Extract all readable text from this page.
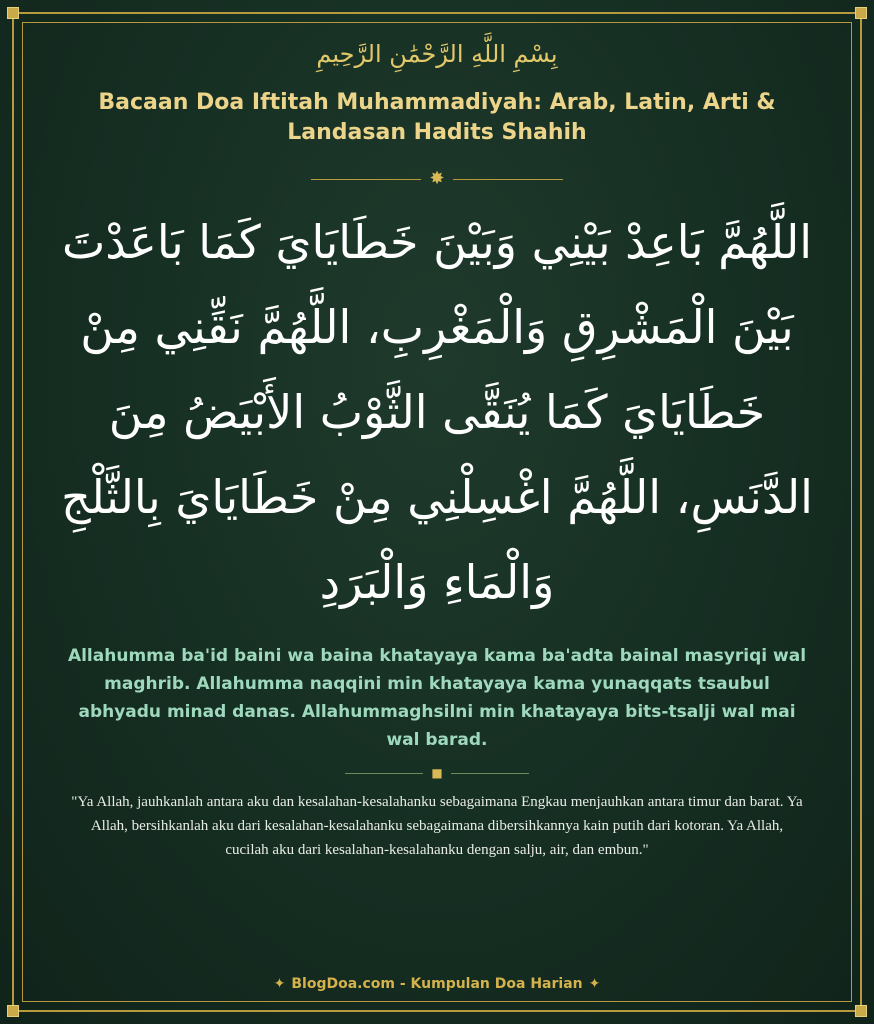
بِسْمِ اللَّهِ الرَّحْمَٰنِ الرَّحِيمِ
Bacaan Doa Iftitah Muhammadiyah: Arab, Latin, Arti & Landasan Hadits Shahih
✸
اللَّهُمَّ بَاعِدْ بَيْنِي وَبَيْنَ خَطَايَايَ كَمَا بَاعَدْتَ بَيْنَ الْمَشْرِقِ وَالْمَغْرِبِ، اللَّهُمَّ نَقِّنِي مِنْ خَطَايَايَ كَمَا يُنَقَّى الثَّوْبُ الأَبْيَضُ مِنَ الدَّنَسِ، اللَّهُمَّ اغْسِلْنِي مِنْ خَطَايَايَ بِالثَّلْجِ وَالْمَاءِ وَالْبَرَدِ
Allahumma ba'id baini wa baina khatayaya kama ba'adta bainal masyriqi wal maghrib. Allahumma naqqini min khatayaya kama yunaqqats tsaubul abhyadu minad danas. Allahummaghsilni min khatayaya bits-tsalji wal mai wal barad.
■
"Ya Allah, jauhkanlah antara aku dan kesalahan-kesalahanku sebagaimana Engkau menjauhkan antara timur dan barat. Ya Allah, bersihkanlah aku dari kesalahan-kesalahanku sebagaimana dibersihkannya kain putih dari kotoran. Ya Allah, cucilah aku dari kesalahan-kesalahanku dengan salju, air, dan embun."
✦ BlogDoa.com - Kumpulan Doa Harian ✦
